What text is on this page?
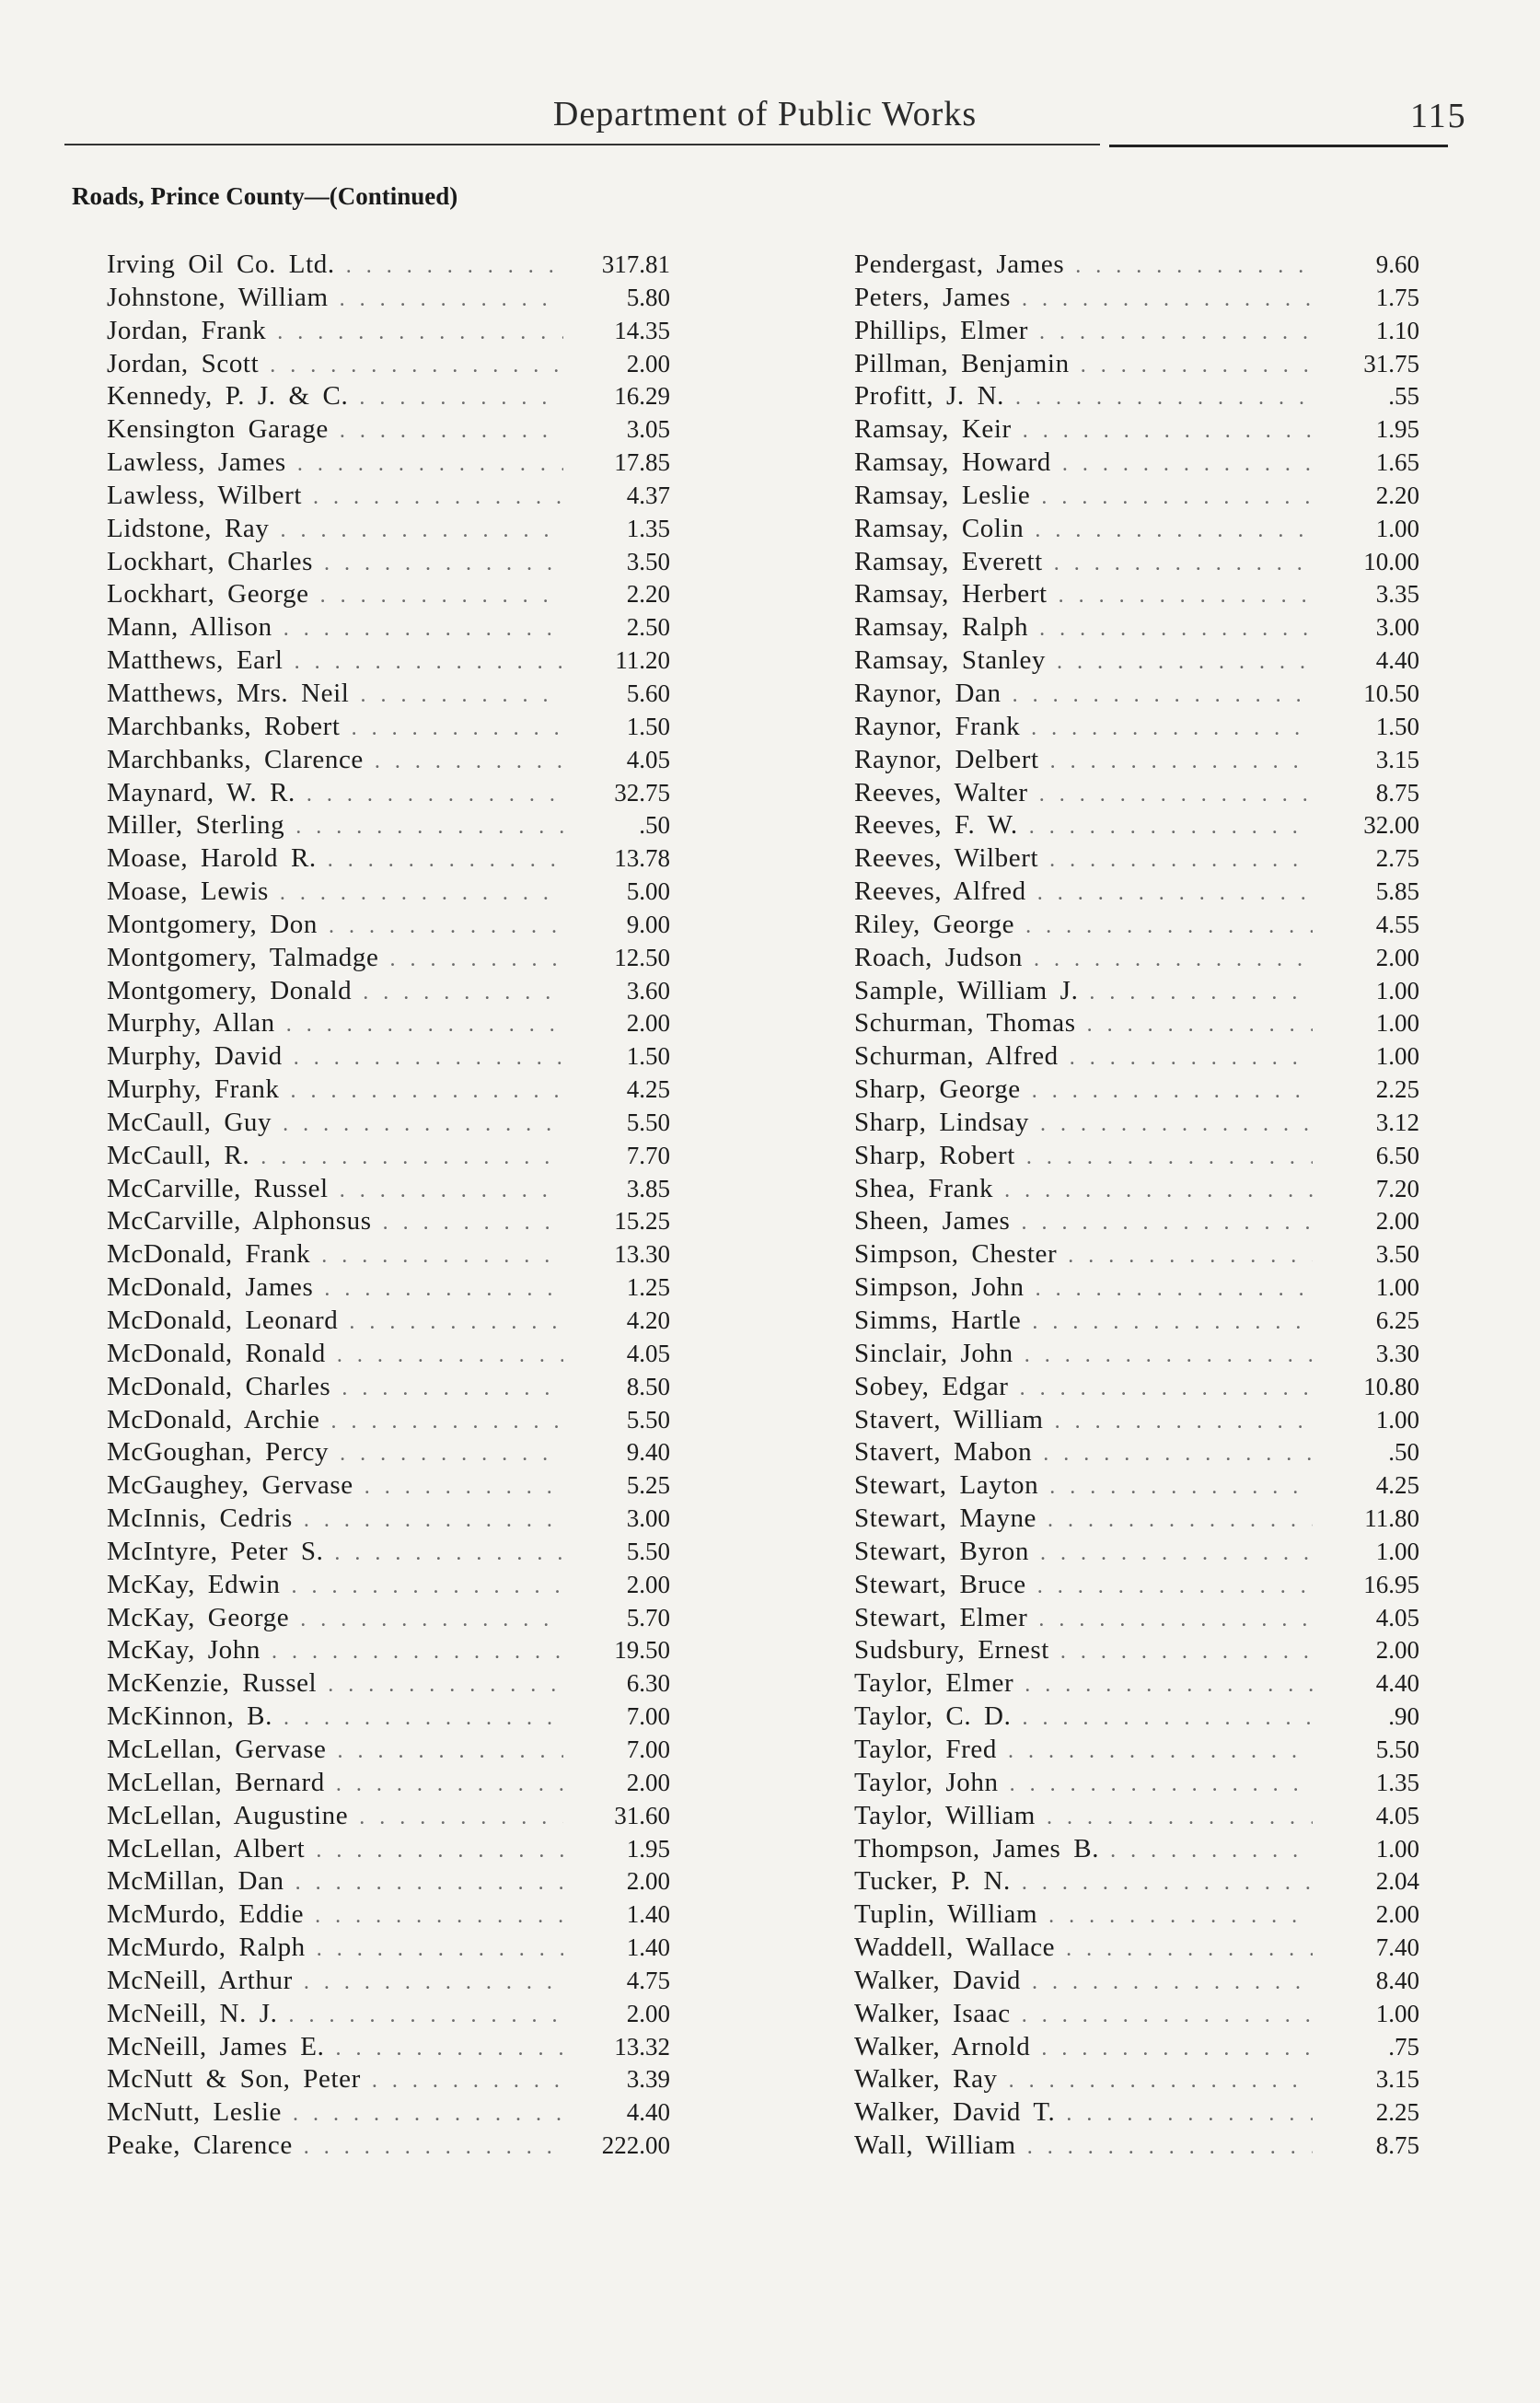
Department of Public Works	115
Roads, Prince County—(Continued)
Irving Oil Co. Ltd. . . .	317.81
Johnstone, William . . .	5.80
Jordan, Frank . . .	14.35
Jordan, Scott . . .	2.00
Kennedy, P. J. & C. . . .	16.29
Kensington Garage . . .	3.05
Lawless, James . . .	17.85
Lawless, Wilbert . . .	4.37
Lidstone, Ray . . .	1.35
Lockhart, Charles . . .	3.50
Lockhart, George . . .	2.20
Mann, Allison . . .	2.50
Matthews, Earl . . .	11.20
Matthews, Mrs. Neil . . .	5.60
Marchbanks, Robert . . .	1.50
Marchbanks, Clarence . . .	4.05
Maynard, W. R. . . .	32.75
Miller, Sterling . . .	.50
Moase, Harold R. . . .	13.78
Moase, Lewis . . .	5.00
Montgomery, Don . . .	9.00
Montgomery, Talmadge . . .	12.50
Montgomery, Donald . . .	3.60
Murphy, Allan . . .	2.00
Murphy, David . . .	1.50
Murphy, Frank . . .	4.25
McCaull, Guy . . .	5.50
McCaull, R. . . .	7.70
McCarville, Russel . . .	3.85
McCarville, Alphonsus . . .	15.25
McDonald, Frank . . .	13.30
McDonald, James . . .	1.25
McDonald, Leonard . . .	4.20
McDonald, Ronald . . .	4.05
McDonald, Charles . . .	8.50
McDonald, Archie . . .	5.50
McGoughan, Percy . . .	9.40
McGaughey, Gervase . . .	5.25
McInnis, Cedris . . .	3.00
McIntyre, Peter S. . . .	5.50
McKay, Edwin . . .	2.00
McKay, George . . .	5.70
McKay, John . . .	19.50
McKenzie, Russel . . .	6.30
McKinnon, B. . . .	7.00
McLellan, Gervase . . .	7.00
McLellan, Bernard . . .	2.00
McLellan, Augustine . . .	31.60
McLellan, Albert . . .	1.95
McMillan, Dan . . .	2.00
McMurdo, Eddie . . .	1.40
McMurdo, Ralph . . .	1.40
McNeill, Arthur . . .	4.75
McNeill, N. J. . . .	2.00
McNeill, James E. . . .	13.32
McNutt & Son, Peter . . .	3.39
McNutt, Leslie . . .	4.40
Peake, Clarence . . .	222.00
Pendergast, James . . .	9.60
Peters, James . . .	1.75
Phillips, Elmer . . .	1.10
Pillman, Benjamin . . .	31.75
Profitt, J. N. . . .	.55
Ramsay, Keir . . .	1.95
Ramsay, Howard . . .	1.65
Ramsay, Leslie . . .	2.20
Ramsay, Colin . . .	1.00
Ramsay, Everett . . .	10.00
Ramsay, Herbert . . .	3.35
Ramsay, Ralph . . .	3.00
Ramsay, Stanley . . .	4.40
Raynor, Dan . . .	10.50
Raynor, Frank . . .	1.50
Raynor, Delbert . . .	3.15
Reeves, Walter . . .	8.75
Reeves, F. W. . . .	32.00
Reeves, Wilbert . . .	2.75
Reeves, Alfred . . .	5.85
Riley, George . . .	4.55
Roach, Judson . . .	2.00
Sample, William J. . . .	1.00
Schurman, Thomas . . .	1.00
Schurman, Alfred . . .	1.00
Sharp, George . . .	2.25
Sharp, Lindsay . . .	3.12
Sharp, Robert . . .	6.50
Shea, Frank . . .	7.20
Sheen, James . . .	2.00
Simpson, Chester . . .	3.50
Simpson, John . . .	1.00
Simms, Hartle . . .	6.25
Sinclair, John . . .	3.30
Sobey, Edgar . . .	10.80
Stavert, William . . .	1.00
Stavert, Mabon . . .	.50
Stewart, Layton . . .	4.25
Stewart, Mayne . . .	11.80
Stewart, Byron . . .	1.00
Stewart, Bruce . . .	16.95
Stewart, Elmer . . .	4.05
Sudsbury, Ernest . . .	2.00
Taylor, Elmer . . .	4.40
Taylor, C. D. . . .	.90
Taylor, Fred . . .	5.50
Taylor, John . . .	1.35
Taylor, William . . .	4.05
Thompson, James B. . . .	1.00
Tucker, P. N. . . .	2.04
Tuplin, William . . .	2.00
Waddell, Wallace . . .	7.40
Walker, David . . .	8.40
Walker, Isaac . . .	1.00
Walker, Arnold . . .	.75
Walker, Ray . . .	3.15
Walker, David T. . . .	2.25
Wall, William . . .	8.75
